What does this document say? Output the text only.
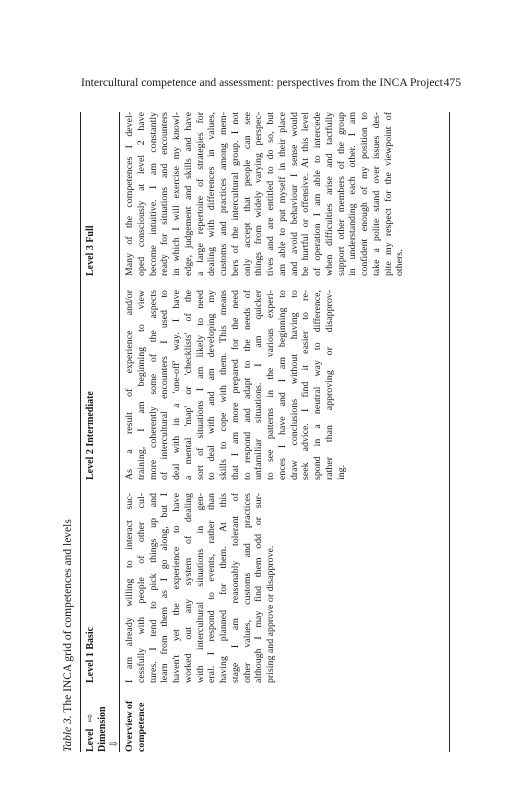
Intercultural competence and assessment: perspectives from the INCA Project 475
Table 3. The INCA grid of competences and levels
Level ⇨ Dimension ⇩
Level 1 Basic
Level 2 Intermediate
Level 3 Full
Overview of competence
I am already willing to interact suc- cessfully with people of other cul- tures. I tend to pick things up and learn from them as I go along, but I haven't yet the experience to have worked out any system of dealing with intercultural situations in gen- eral. I respond to events, rather than having planned for them. At this stage I am reasonably tolerant of other values, customs and practices although I may find them odd or sur- prising and approve or disapprove.
As a result of experience and/or training, I am beginning to view more coherently some of the aspects of intercultural encounters I used to deal with in a 'one-off' way. I have a mental 'map' or 'checklists' of the sort of situations I am likely to need to deal with and am developing my skills to cope with them. This means that I am more prepared for the need to respond and adapt to the needs of unfamiliar situations. I am quicker to see patterns in the various experi- ences I have and I am beginning to draw conclusions without having to seek advice. I find it easier to re- spond in a neutral way to difference, rather than approving or disapprov- ing.
Many of the competences I devel- oped consciously at level 2 have become intuitive. I am constantly ready for situations and encounters in which I will exercise my knowl- edge, judgement and skills and have a large repertoire of strategies for dealing with differences in values, customs and practices among mem- bers of the intercultural group. I not only accept that people can see things from widely varying perspec- tives and are entitled to do so, but am able to put myself in their place and avoid behaviour I sense would be hurtful or offensive. At this level of operation I am able to intercede when difficulties arise and tactfully support other members of the group in understanding each other. I am confident enough of my position to take a polite stand over issues des- pite my respect for the viewpoint of others.
